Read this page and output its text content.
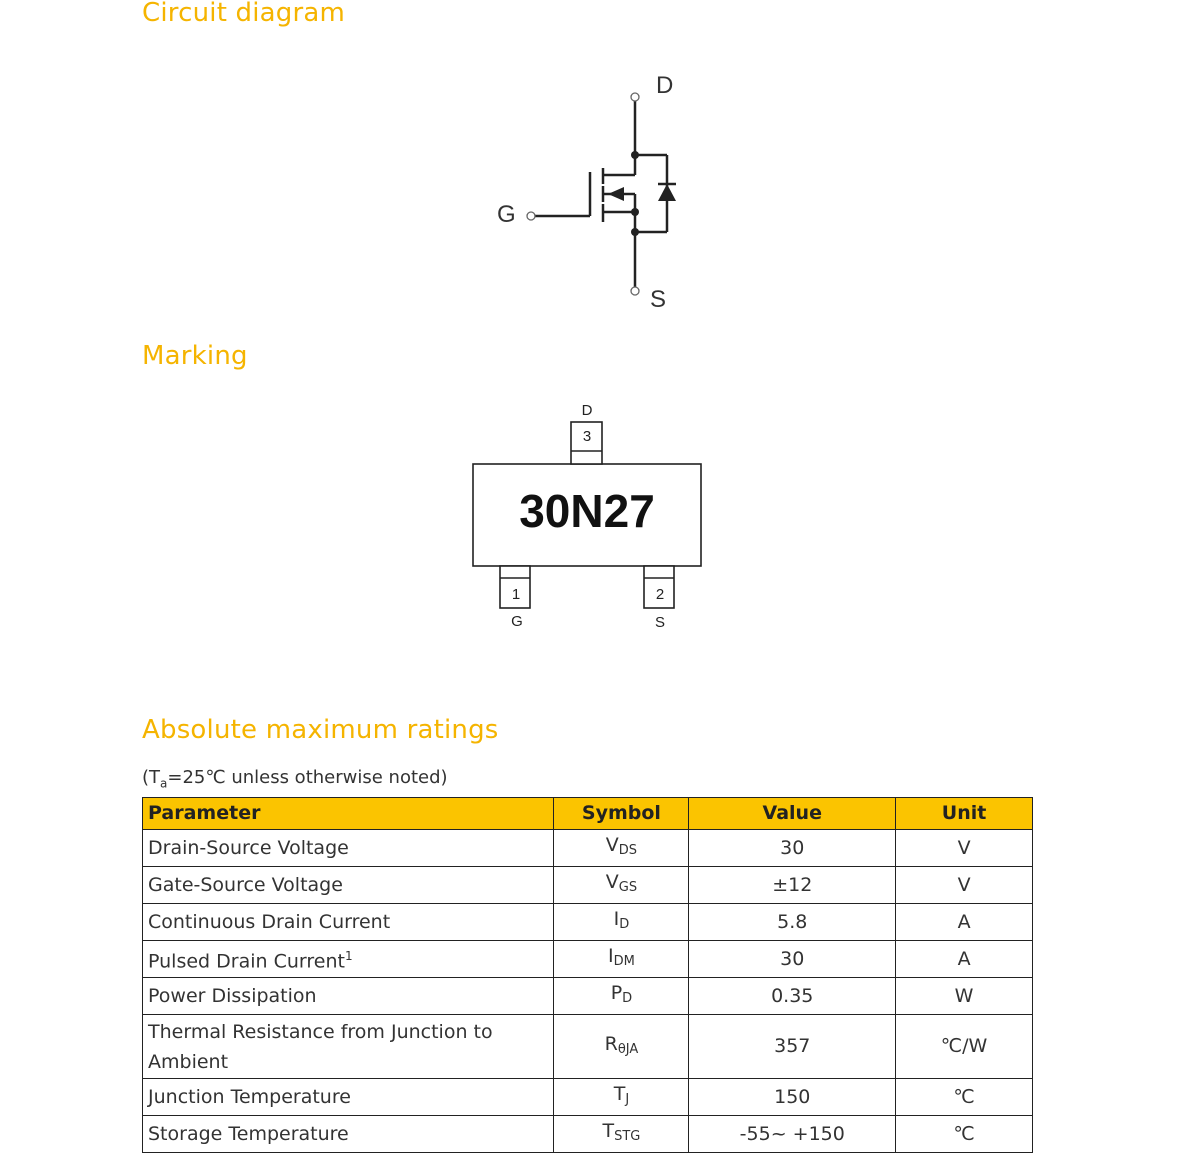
Circuit diagram
D
G
S
Marking
30N27
D
3
1
G
2
S
Absolute maximum ratings
($T_a=25℃$ unless otherwise noted)
Parameter	Symbol	Value	Unit
Drain-Source Voltage	$V_{DS}$	30	V
Gate-Source Voltage	$V_{GS}$	±12	V
Continuous Drain Current	$I_D$	5.8	A
Pulsed Drain Current$^1$	$I_{DM}$	30	A
Power Dissipation	$P_D$	0.35	W
Thermal Resistance from Junction to Ambient	$R_{\theta JA}$	357	℃/W
Junction Temperature	$T_J$	150	℃
Storage Temperature	$T_{STG}$	-55~ +150	℃
